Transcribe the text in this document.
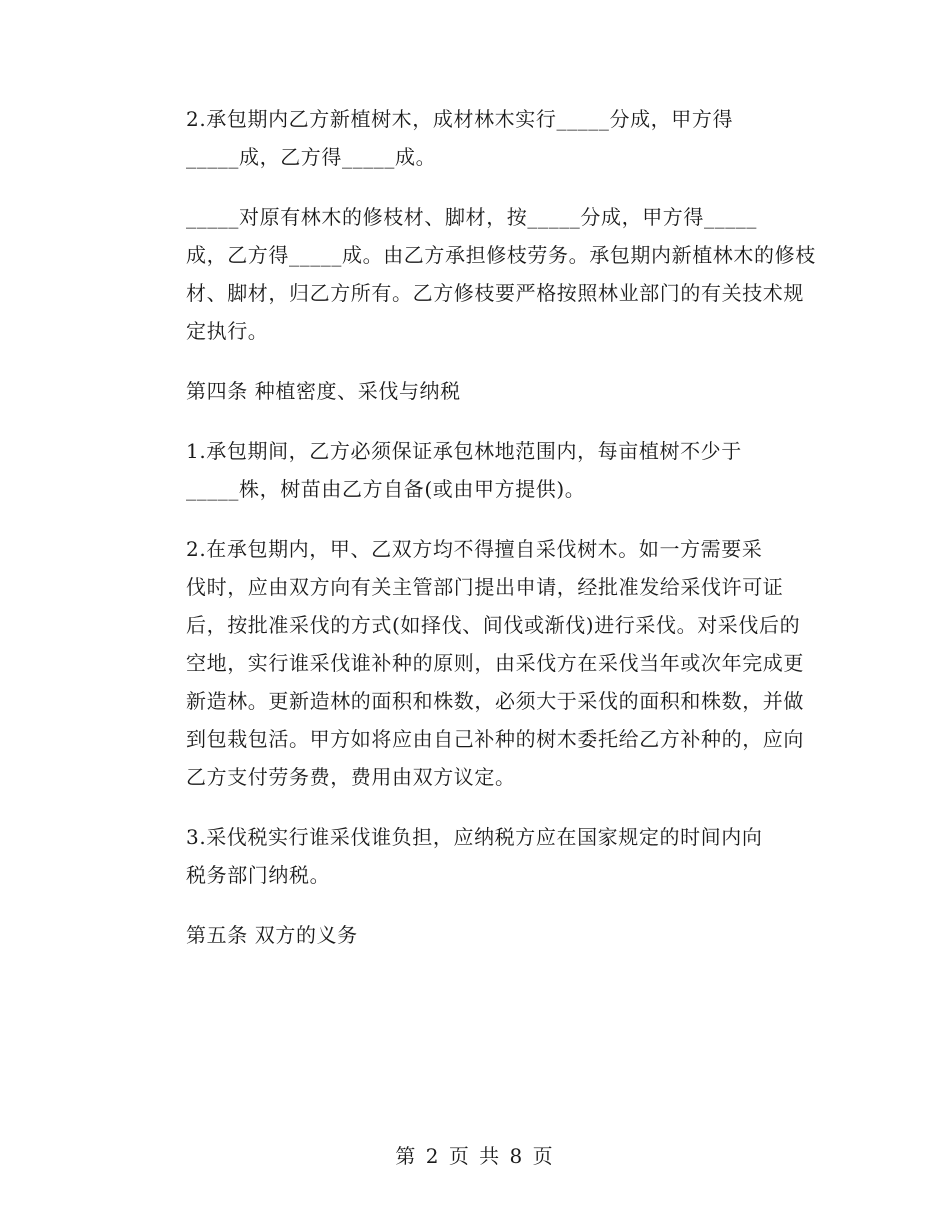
2.承包期内乙方新植树木，成材林木实行_____分成，甲方得
_____成，乙方得_____成。

_____对原有林木的修枝材、脚材，按_____分成，甲方得_____
成，乙方得_____成。由乙方承担修枝劳务。承包期内新植林木的修枝
材、脚材，归乙方所有。乙方修枝要严格按照林业部门的有关技术规
定执行。

第四条 种植密度、采伐与纳税

1.承包期间，乙方必须保证承包林地范围内，每亩植树不少于
_____株，树苗由乙方自备(或由甲方提供)。

2.在承包期内，甲、乙双方均不得擅自采伐树木。如一方需要采
伐时，应由双方向有关主管部门提出申请，经批准发给采伐许可证
后，按批准采伐的方式(如择伐、间伐或渐伐)进行采伐。对采伐后的
空地，实行谁采伐谁补种的原则，由采伐方在采伐当年或次年完成更
新造林。更新造林的面积和株数，必须大于采伐的面积和株数，并做
到包栽包活。甲方如将应由自己补种的树木委托给乙方补种的，应向
乙方支付劳务费，费用由双方议定。

3.采伐税实行谁采伐谁负担，应纳税方应在国家规定的时间内向
税务部门纳税。

第五条 双方的义务

第 2 页 共 8 页
